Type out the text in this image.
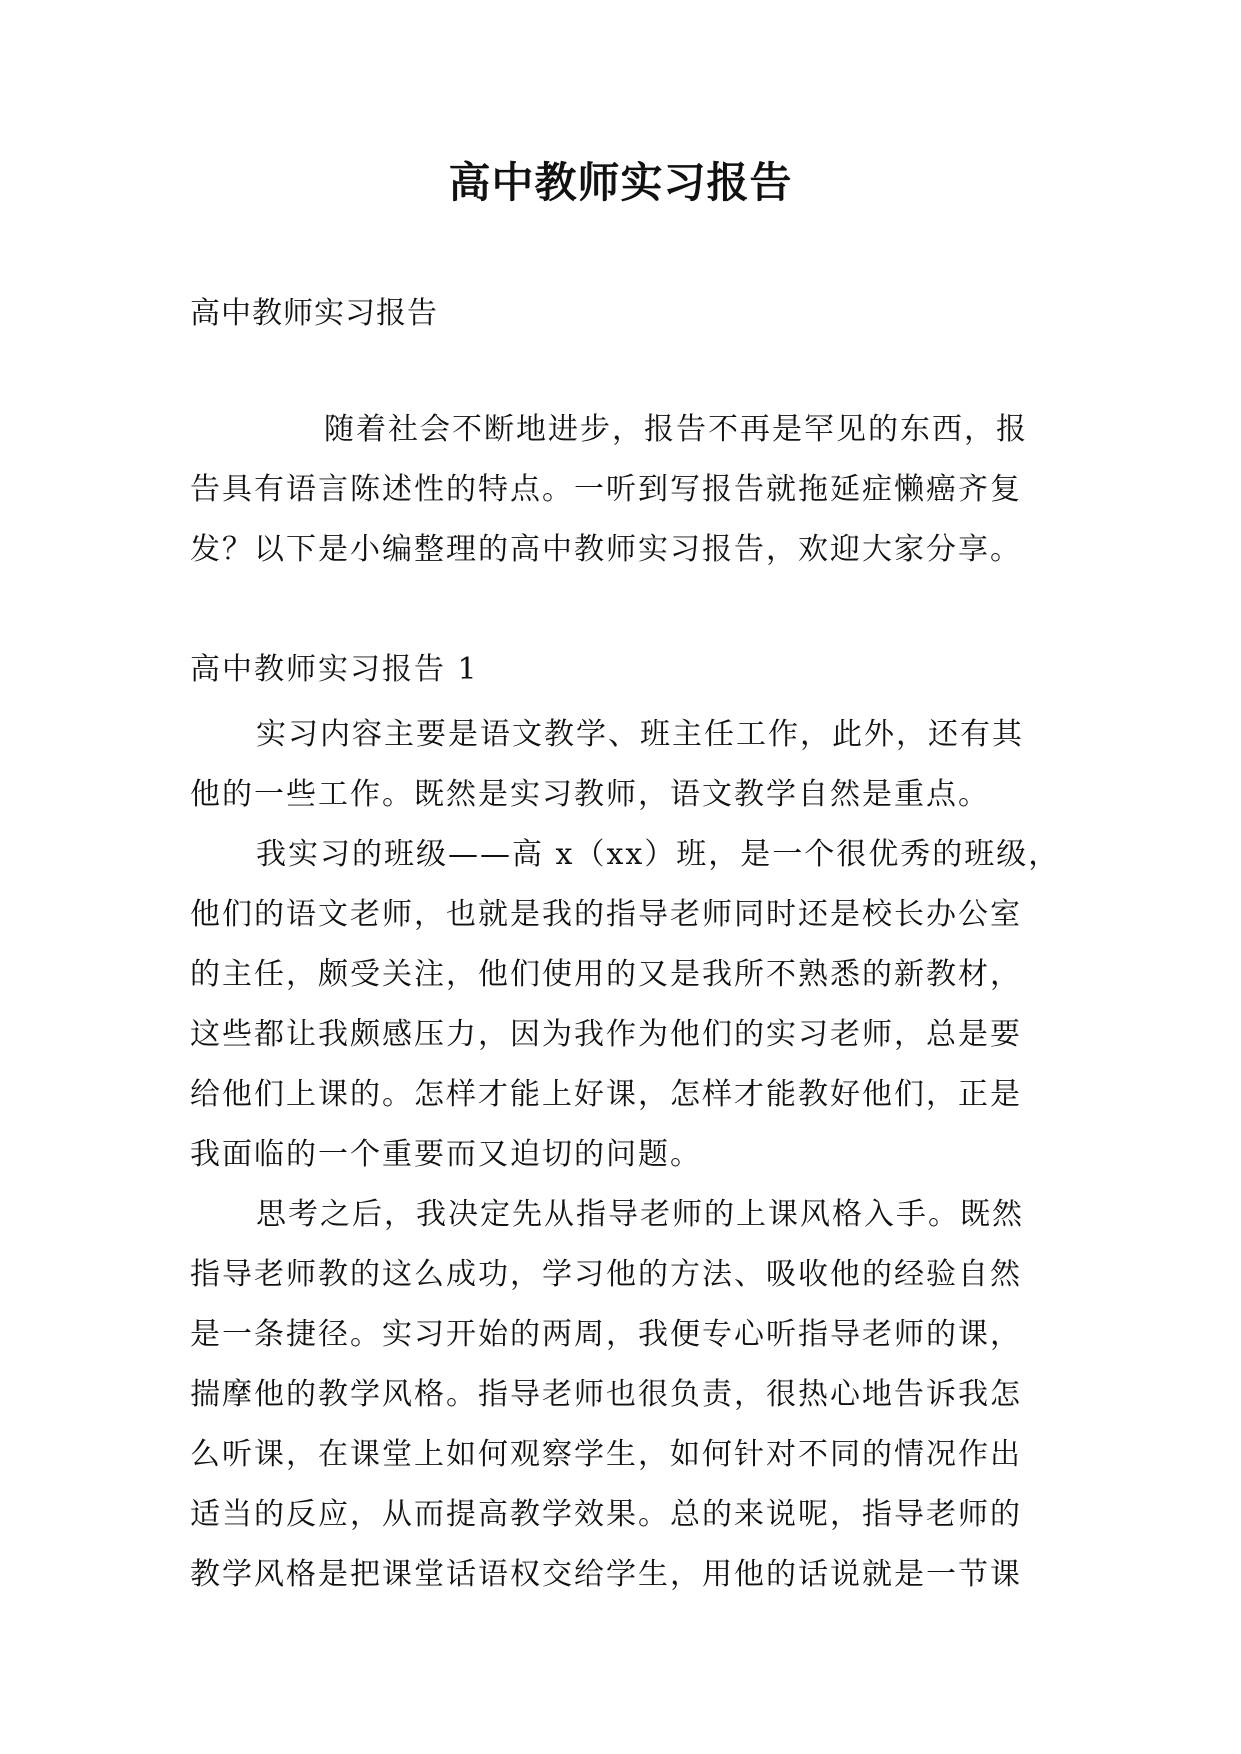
高中教师实习报告

高中教师实习报告

随着社会不断地进步，报告不再是罕见的东西，报
告具有语言陈述性的特点。一听到写报告就拖延症懒癌齐复
发？以下是小编整理的高中教师实习报告，欢迎大家分享。
高中教师实习报告 1
实习内容主要是语文教学、班主任工作，此外，还有其
他的一些工作。既然是实习教师，语文教学自然是重点。
我实习的班级——高 x（xx）班，是一个很优秀的班级，
他们的语文老师，也就是我的指导老师同时还是校长办公室
的主任，颇受关注，他们使用的又是我所不熟悉的新教材，
这些都让我颇感压力，因为我作为他们的实习老师，总是要
给他们上课的。怎样才能上好课，怎样才能教好他们，正是
我面临的一个重要而又迫切的问题。
思考之后，我决定先从指导老师的上课风格入手。既然
指导老师教的这么成功，学习他的方法、吸收他的经验自然
是一条捷径。实习开始的两周，我便专心听指导老师的课，
揣摩他的教学风格。指导老师也很负责，很热心地告诉我怎
么听课，在课堂上如何观察学生，如何针对不同的情况作出
适当的反应，从而提高教学效果。总的来说呢，指导老师的
教学风格是把课堂话语权交给学生，用他的话说就是一节课
